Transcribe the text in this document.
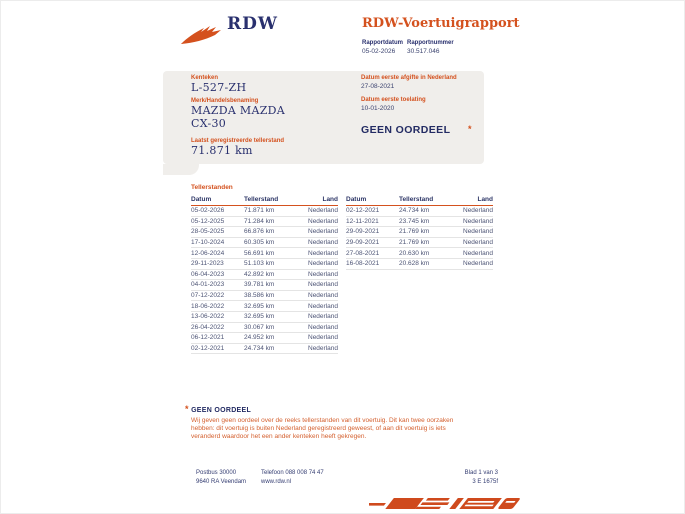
RDW	RDW-Voertuigrapport
Rapportdatum
05-02-2026
Rapportnummer
30.517.046
Kenteken
L-527-ZH
Merk/Handelsbenaming
MAZDA MAZDA CX-30
Laatst geregistreerde tellerstand
71.871 km
Datum eerste afgifte in Nederland
27-08-2021
Datum eerste toelating
10-01-2020
GEEN OORDEEL *
Tellerstanden
Datum	Tellerstand	Land
05-02-2026	71.871 km	Nederland
05-12-2025	71.284 km	Nederland
28-05-2025	66.876 km	Nederland
17-10-2024	60.305 km	Nederland
12-06-2024	56.691 km	Nederland
29-11-2023	51.103 km	Nederland
06-04-2023	42.892 km	Nederland
04-01-2023	39.781 km	Nederland
07-12-2022	38.586 km	Nederland
18-06-2022	32.695 km	Nederland
13-06-2022	32.695 km	Nederland
26-04-2022	30.067 km	Nederland
06-12-2021	24.952 km	Nederland
02-12-2021	24.734 km	Nederland
Datum	Tellerstand	Land
02-12-2021	24.734 km	Nederland
12-11-2021	23.745 km	Nederland
29-09-2021	21.769 km	Nederland
29-09-2021	21.769 km	Nederland
27-08-2021	20.630 km	Nederland
16-08-2021	20.628 km	Nederland
* GEEN OORDEEL
Wij geven geen oordeel over de reeks tellerstanden van dit voertuig. Dit kan twee oorzaken hebben: dit voertuig is buiten Nederland geregistreerd geweest, of aan dit voertuig is iets veranderd waardoor het een ander kenteken heeft gekregen.
Postbus 30000
9640 RA Veendam
Telefoon 088 008 74 47
www.rdw.nl
Blad 1 van 3
3 E 1675f
